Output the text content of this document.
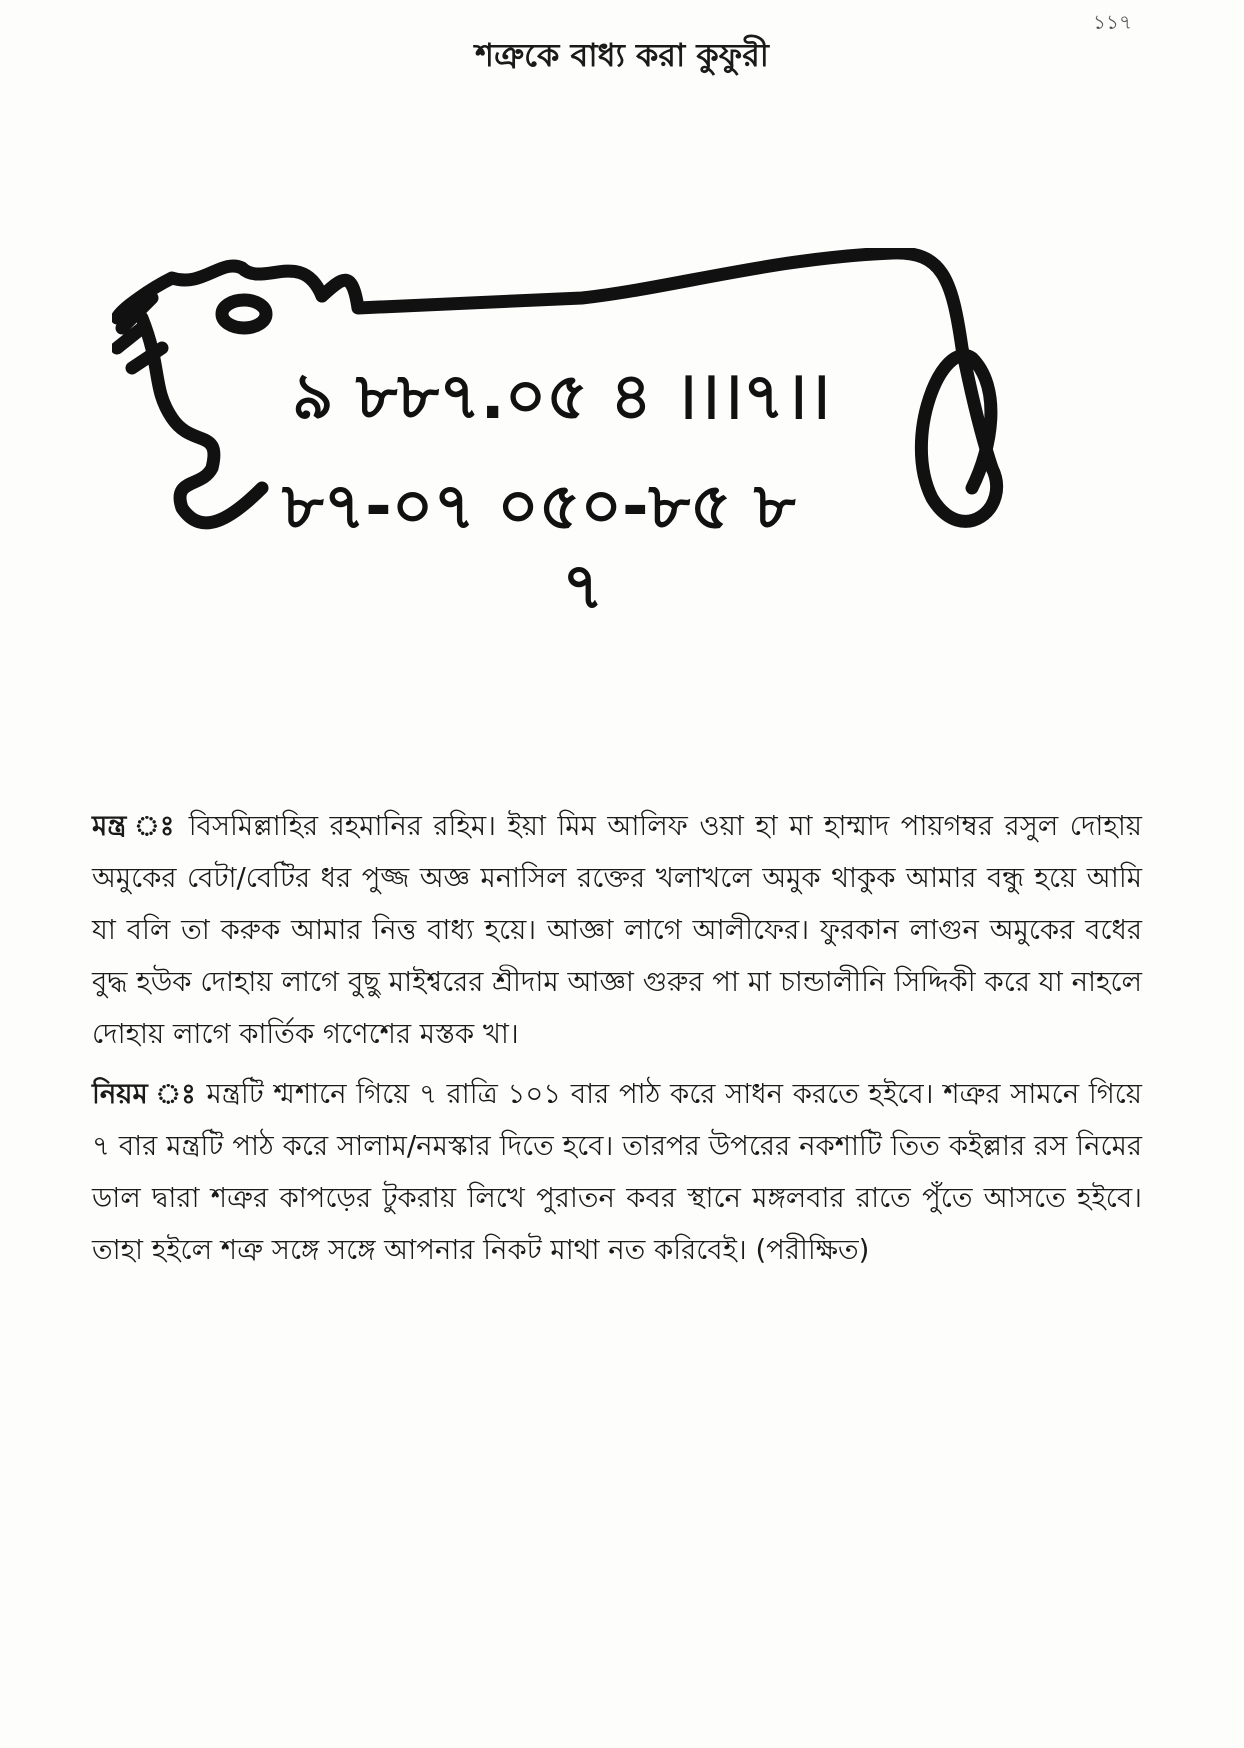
১১৭
শত্রুকে বাধ্য করা কুফুরী
৯ ৮৮৭.০৫ ৪ ।।।৭।।
৮৭-০৭ ০৫০-৮৫ ৮
৭

মন্ত্র ঃ বিসমিল্লাহির রহমানির রহিম। ইয়া মিম আলিফ ওয়া হা মা হাম্মাদ পায়গম্বর রসুল দোহায় অমুকের বেটা/বেটির ধর পুজ্জ অজ্ঞ মনাসিল রক্তের খলাখলে অমুক থাকুক আমার বন্ধু হয়ে আমি যা বলি তা করুক আমার নিত্ত বাধ্য হয়ে। আজ্ঞা লাগে আলীফের। ফুরকান লাগুন অমুকের বধের বুদ্ধ হউক দোহায় লাগে বুছু মাইশ্বরের শ্রীদাম আজ্ঞা গুরুর পা মা চান্ডালীনি সিদ্দিকী করে যা নাহলে দোহায় লাগে কার্তিক গণেশের মস্তক খা।

নিয়ম ঃ মন্ত্রটি শ্মশানে গিয়ে ৭ রাত্রি ১০১ বার পাঠ করে সাধন করতে হইবে। শত্রুর সামনে গিয়ে ৭ বার মন্ত্রটি পাঠ করে সালাম/নমস্কার দিতে হবে। তারপর উপরের নকশাটি তিত কইল্লার রস নিমের ডাল দ্বারা শত্রুর কাপড়ের টুকরায় লিখে পুরাতন কবর স্থানে মঙ্গলবার রাতে পুঁতে আসতে হইবে। তাহা হইলে শত্রু সঙ্গে সঙ্গে আপনার নিকট মাথা নত করিবেই। (পরীক্ষিত)
